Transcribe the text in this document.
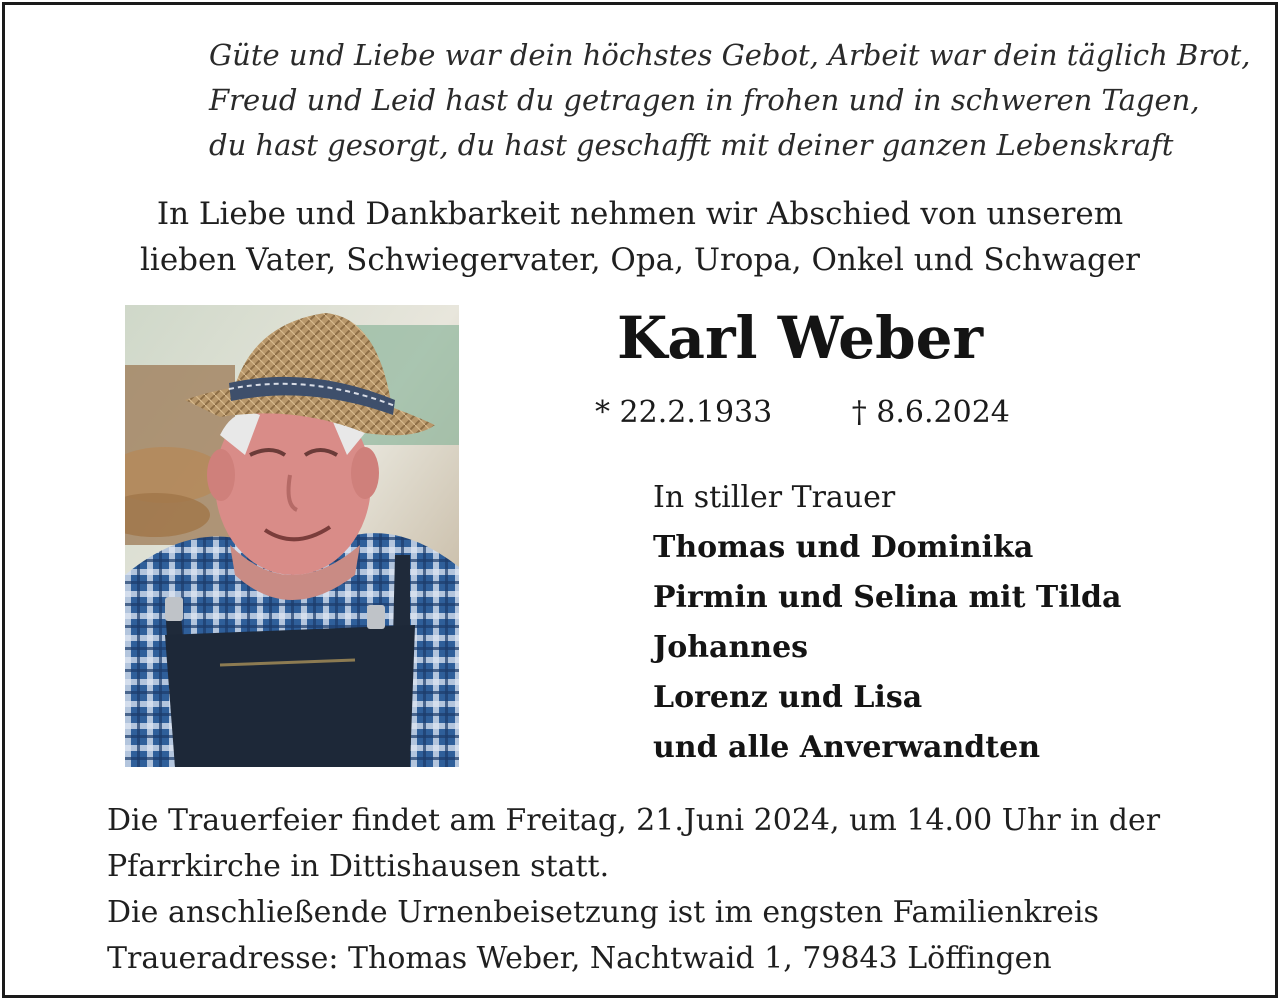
Güte und Liebe war dein höchstes Gebot, Arbeit war dein täglich Brot,
Freud und Leid hast du getragen in frohen und in schweren Tagen,
du hast gesorgt, du hast geschafft mit deiner ganzen Lebenskraft
In Liebe und Dankbarkeit nehmen wir Abschied von unserem
lieben Vater, Schwiegervater, Opa, Uropa, Onkel und Schwager
Karl Weber
* 22.2.1933	† 8.6.2024
In stiller Trauer
Thomas und Dominika
Pirmin und Selina mit Tilda
Johannes
Lorenz und Lisa
und alle Anverwandten
Die Trauerfeier findet am Freitag, 21.Juni 2024, um 14.00 Uhr in der
Pfarrkirche in Dittishausen statt.
Die anschließende Urnenbeisetzung ist im engsten Familienkreis
Traueradresse: Thomas Weber, Nachtwaid 1, 79843 Löffingen
